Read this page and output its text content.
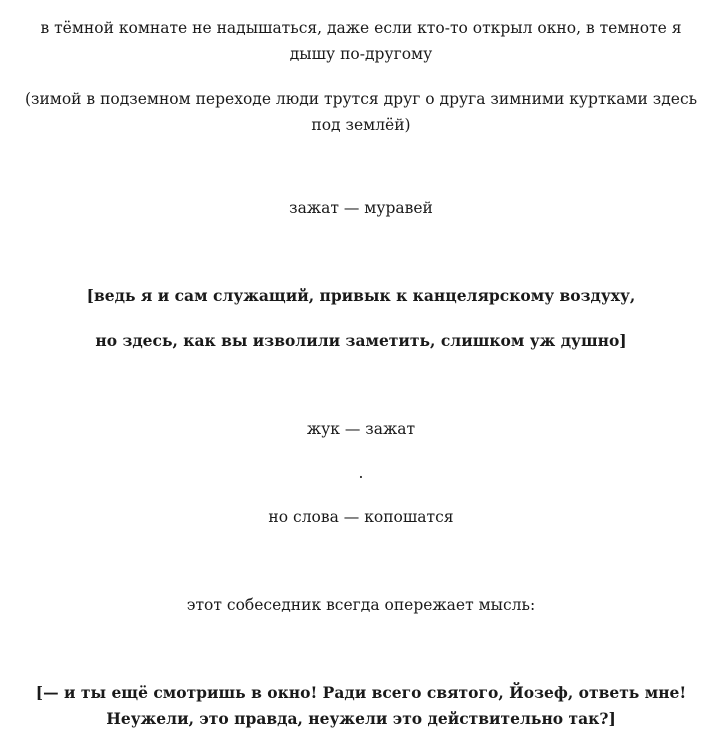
в тёмной комнате не надышаться, даже если кто-то открыл окно, в темноте я
дышу по-другому
(зимой в подземном переходе люди трутся друг о друга зимними куртками здесь
под землёй)
зажат — муравей
[ведь я и сам служащий, привык к канцелярскому воздуху,
но здесь, как вы изволили заметить, слишком уж душно]
жук — зажат
.
но слова — копошатся
этот собеседник всегда опережает мысль:
[— и ты ещё смотришь в окно! Ради всего святого, Йозеф, ответь мне!
Неужели, это правда, неужели это действительно так?]
